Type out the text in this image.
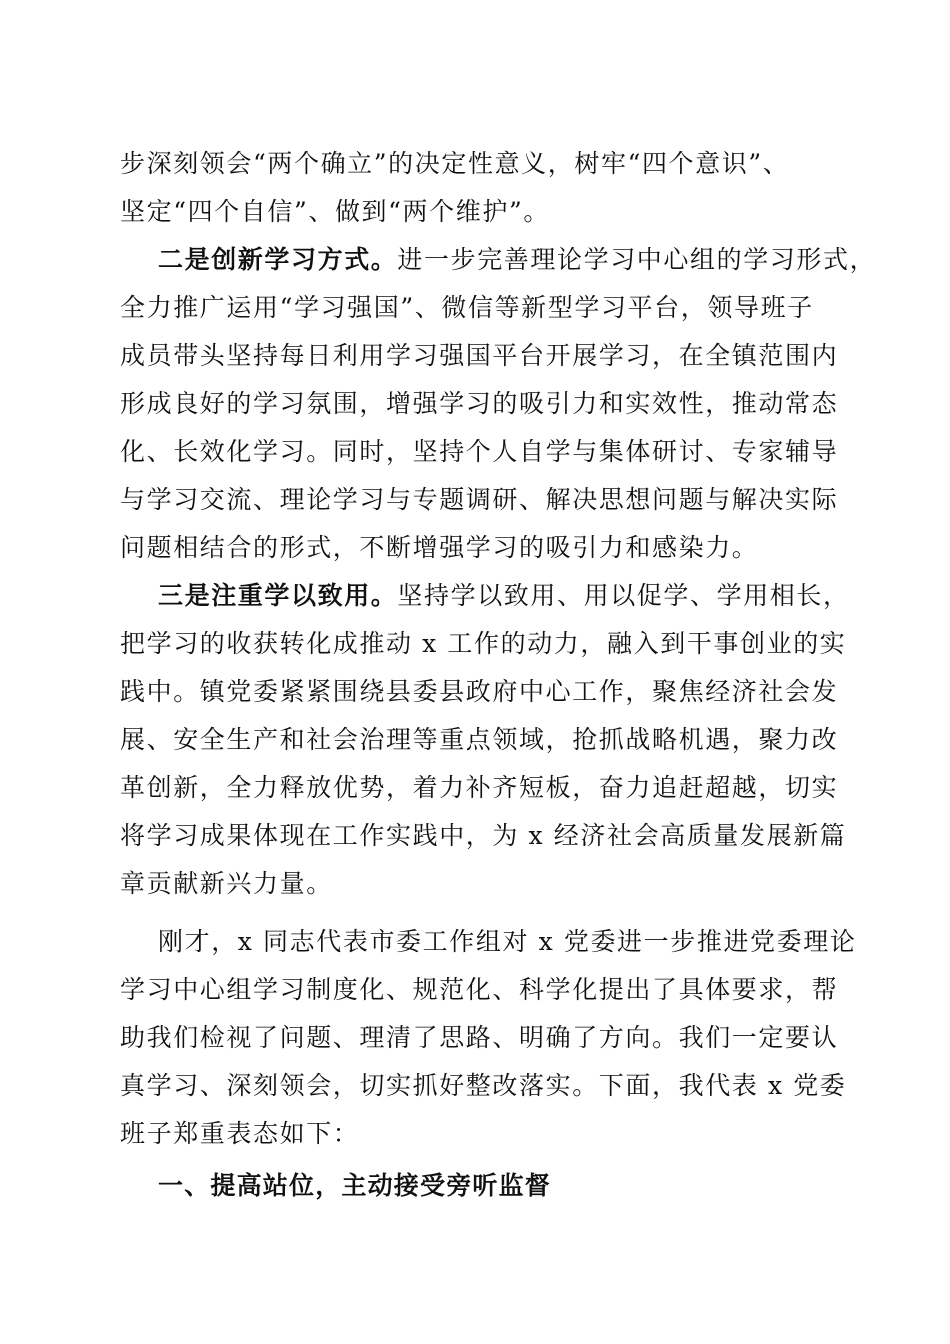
步深刻领会“两个确立”的决定性意义，树牢“四个意识”、
坚定“四个自信”、做到“两个维护”。
二是创新学习方式。进一步完善理论学习中心组的学习形式，
全力推广运用“学习强国”、微信等新型学习平台，领导班子
成员带头坚持每日利用学习强国平台开展学习，在全镇范围内
形成良好的学习氛围，增强学习的吸引力和实效性，推动常态
化、长效化学习。同时，坚持个人自学与集体研讨、专家辅导
与学习交流、理论学习与专题调研、解决思想问题与解决实际
问题相结合的形式，不断增强学习的吸引力和感染力。
三是注重学以致用。坚持学以致用、用以促学、学用相长，
把学习的收获转化成推动 x 工作的动力，融入到干事创业的实
践中。镇党委紧紧围绕县委县政府中心工作，聚焦经济社会发
展、安全生产和社会治理等重点领域，抢抓战略机遇，聚力改
革创新，全力释放优势，着力补齐短板，奋力追赶超越，切实
将学习成果体现在工作实践中，为 x 经济社会高质量发展新篇
章贡献新兴力量。
刚才，x 同志代表市委工作组对 x 党委进一步推进党委理论
学习中心组学习制度化、规范化、科学化提出了具体要求，帮
助我们检视了问题、理清了思路、明确了方向。我们一定要认
真学习、深刻领会，切实抓好整改落实。下面，我代表 x 党委
班子郑重表态如下：
一、提高站位，主动接受旁听监督
